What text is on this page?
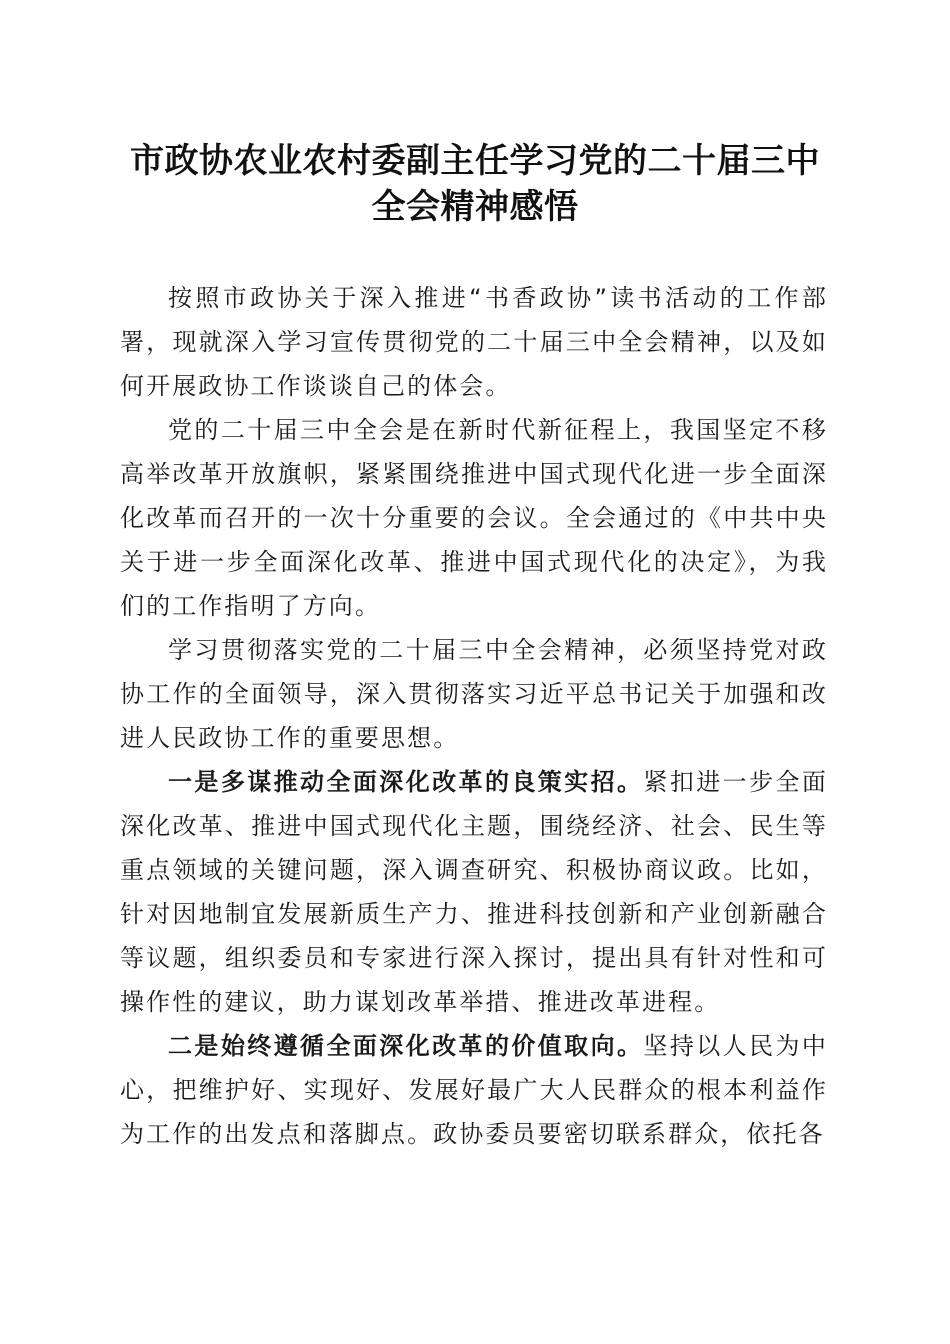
市政协农业农村委副主任学习党的二十届三中
全会精神感悟

按照市政协关于深入推进“书香政协”读书活动的工作部署，现就深入学习宣传贯彻党的二十届三中全会精神，以及如何开展政协工作谈谈自己的体会。

党的二十届三中全会是在新时代新征程上，我国坚定不移高举改革开放旗帜，紧紧围绕推进中国式现代化进一步全面深化改革而召开的一次十分重要的会议。全会通过的《中共中央关于进一步全面深化改革、推进中国式现代化的决定》，为我们的工作指明了方向。

学习贯彻落实党的二十届三中全会精神，必须坚持党对政协工作的全面领导，深入贯彻落实习近平总书记关于加强和改进人民政协工作的重要思想。

一是多谋推动全面深化改革的良策实招。紧扣进一步全面深化改革、推进中国式现代化主题，围绕经济、社会、民生等重点领域的关键问题，深入调查研究、积极协商议政。比如，针对因地制宜发展新质生产力、推进科技创新和产业创新融合等议题，组织委员和专家进行深入探讨，提出具有针对性和可操作性的建议，助力谋划改革举措、推进改革进程。

二是始终遵循全面深化改革的价值取向。坚持以人民为中心，把维护好、实现好、发展好最广大人民群众的根本利益作为工作的出发点和落脚点。政协委员要密切联系群众，依托各
